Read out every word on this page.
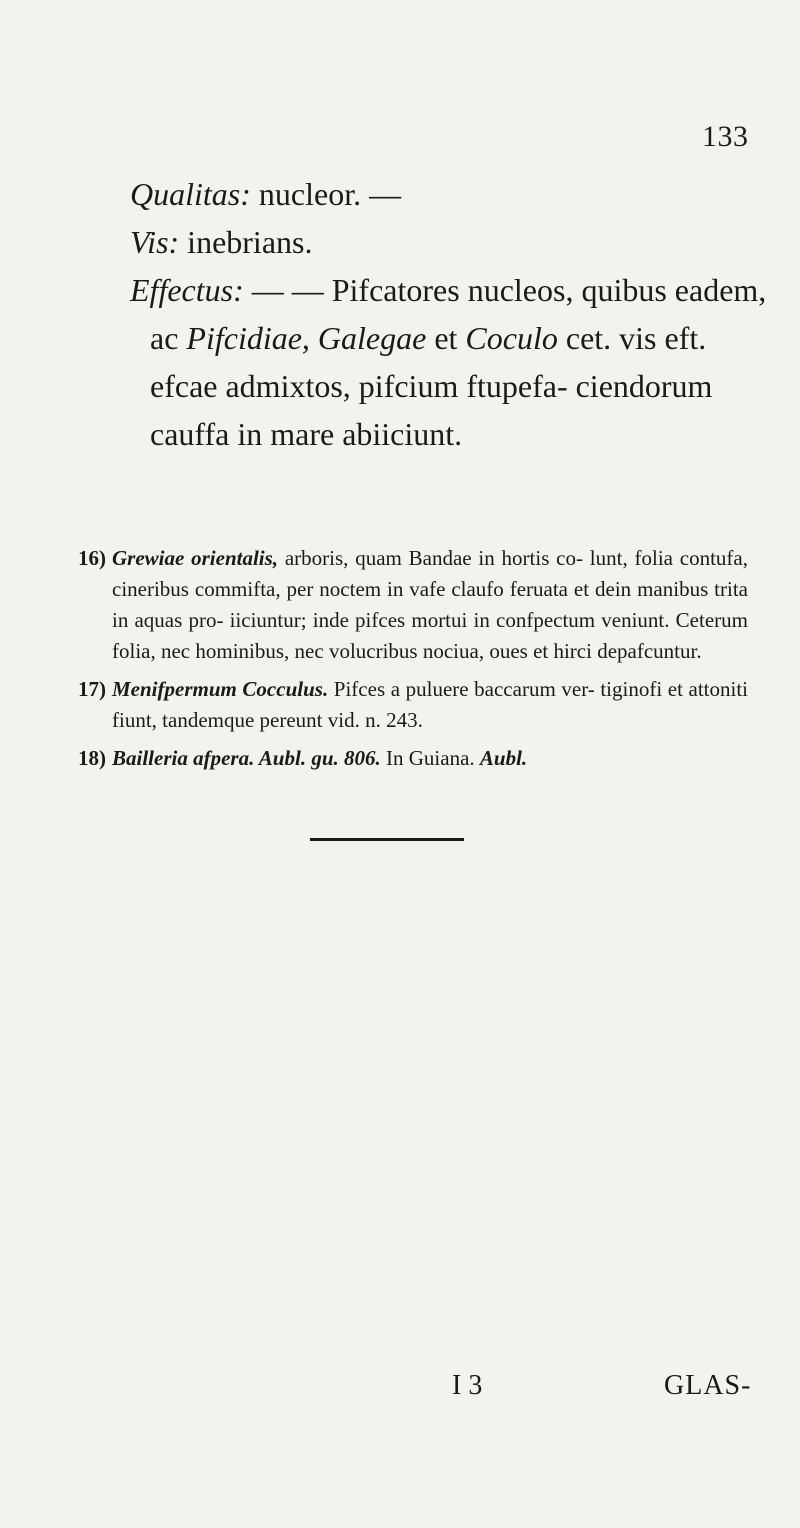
133

Qualitas: nucleor. —

Vis: inebrians.

Effectus: — — Pifcatores nucleos, quibus eadem, ac Pifcidiae, Galegae et Coculo cet. vis eft. efcae admixtos, pifcium ftupefa- ciendorum cauffa in mare abiiciunt.

16) Grewiae orientalis, arboris, quam Bandae in hortis co- lunt, folia contufa, cineribus commifta, per noctem in vafe claufo feruata et dein manibus trita in aquas pro- iiciuntur; inde pifces mortui in confpectum veniunt. Ceterum folia, nec hominibus, nec volucribus nociua, oues et hirci depafcuntur.

17) Menifpermum Cocculus. Pifces a puluere baccarum ver- tiginofi et attoniti fiunt, tandemque pereunt vid. n. 243.

18) Bailleria afpera. Aubl. gu. 806. In Guiana. Aubl.

I 3	GLAS-
